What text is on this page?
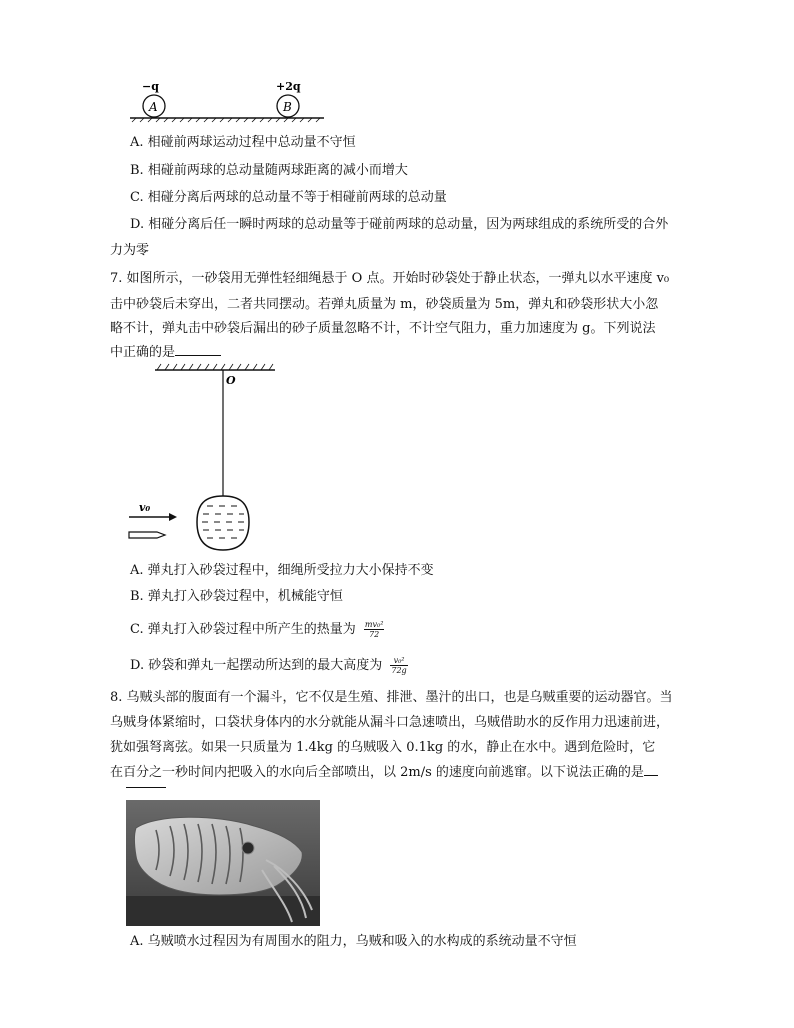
−q	+2q
A	B
A. 相碰前两球运动过程中总动量不守恒
B. 相碰前两球的总动量随两球距离的减小而增大
C. 相碰分离后两球的总动量不等于相碰前两球的总动量
D. 相碰分离后任一瞬时两球的总动量等于碰前两球的总动量，因为两球组成的系统所受的合外
力为零
7. 如图所示，一砂袋用无弹性轻细绳悬于 O 点。开始时砂袋处于静止状态，一弹丸以水平速度 v₀
击中砂袋后未穿出，二者共同摆动。若弹丸质量为 m，砂袋质量为 5m，弹丸和砂袋形状大小忽
略不计，弹丸击中砂袋后漏出的砂子质量忽略不计，不计空气阻力，重力加速度为 g。下列说法
中正确的是
O
v₀
A. 弹丸打入砂袋过程中，细绳所受拉力大小保持不变
B. 弹丸打入砂袋过程中，机械能守恒
C. 弹丸打入砂袋过程中所产生的热量为 $\frac{\text{mv₀²}}{72}$
D. 砂袋和弹丸一起摆动所达到的最大高度为 $\frac{\text{v₀²}}{72g}$
8. 乌贼头部的腹面有一个漏斗，它不仅是生殖、排泄、墨汁的出口，也是乌贼重要的运动器官。当
乌贼身体紧缩时，口袋状身体内的水分就能从漏斗口急速喷出，乌贼借助水的反作用力迅速前进，
犹如强弩离弦。如果一只质量为 1.4kg 的乌贼吸入 0.1kg 的水，静止在水中。遇到危险时，它
在百分之一秒时间内把吸入的水向后全部喷出，以 2m/s 的速度向前逃窜。以下说法正确的是
A. 乌贼喷水过程因为有周围水的阻力，乌贼和吸入的水构成的系统动量不守恒
